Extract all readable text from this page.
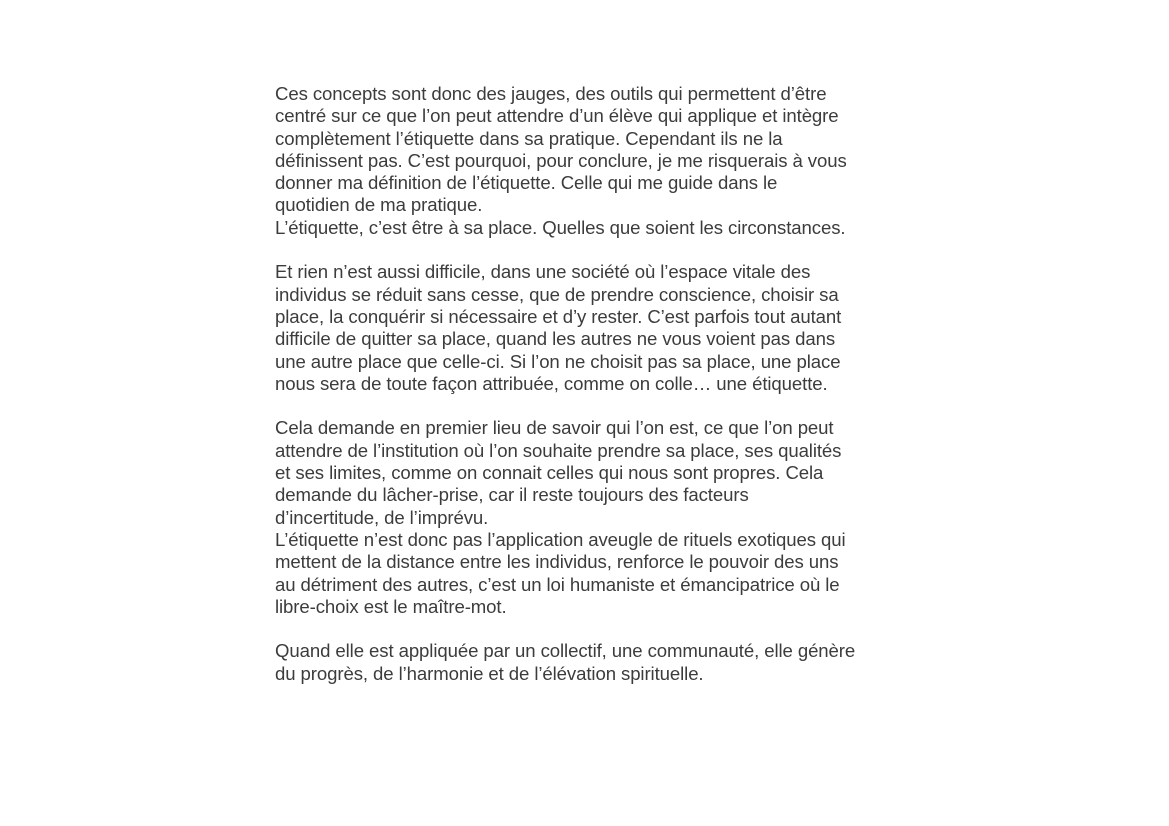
Ces concepts sont donc des jauges, des outils qui permettent d’être
centré sur ce que l’on peut attendre d’un élève qui applique et intègre
complètement l’étiquette dans sa pratique. Cependant ils ne la
définissent pas. C’est pourquoi, pour conclure, je me risquerais à vous
donner ma définition de l’étiquette. Celle qui me guide dans le
quotidien de ma pratique.

L’étiquette, c’est être à sa place. Quelles que soient les circonstances.

Et rien n’est aussi difficile, dans une société où l’espace vitale des
individus se réduit sans cesse, que de prendre conscience, choisir sa
place, la conquérir si nécessaire et d’y rester. C’est parfois tout autant
difficile de quitter sa place, quand les autres ne vous voient pas dans
une autre place que celle-ci. Si l’on ne choisit pas sa place, une place
nous sera de toute façon attribuée, comme on colle… une étiquette.

Cela demande en premier lieu de savoir qui l’on est, ce que l’on peut
attendre de l’institution où l’on souhaite prendre sa place, ses qualités
et ses limites, comme on connait celles qui nous sont propres. Cela
demande du lâcher-prise, car il reste toujours des facteurs
d’incertitude, de l’imprévu.

L’étiquette n’est donc pas l’application aveugle de rituels exotiques qui
mettent de la distance entre les individus, renforce le pouvoir des uns
au détriment des autres, c’est un loi humaniste et émancipatrice où le
libre-choix est le maître-mot.

Quand elle est appliquée par un collectif, une communauté, elle génère
du progrès, de l’harmonie et de l’élévation spirituelle.
